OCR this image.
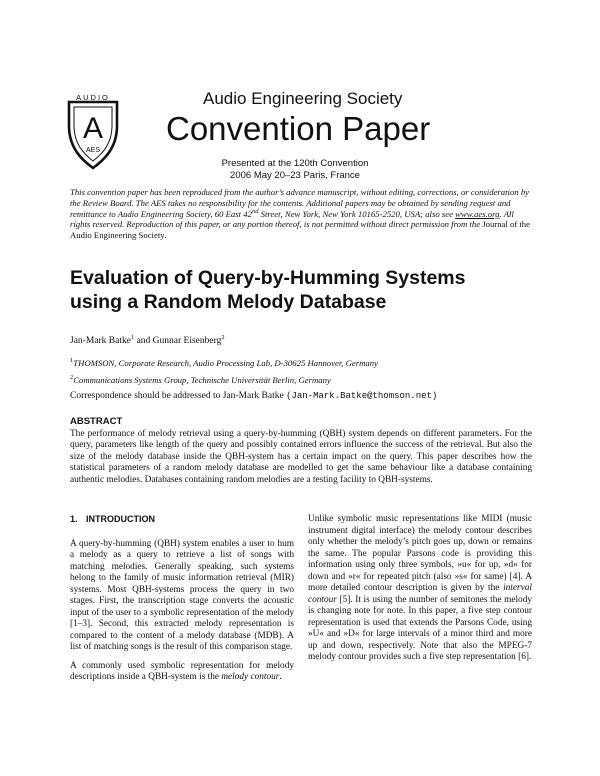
AUDIO
A
AES
Audio Engineering Society
Convention Paper
Presented at the 120th Convention
2006 May 20–23 Paris, France
This convention paper has been reproduced from the author’s advance manuscript, without editing, corrections, or consideration by the Review Board. The AES takes no responsibility for the contents. Additional papers may be obtained by sending request and remittance to Audio Engineering Society, 60 East 42nd Street, New York, New York 10165-2520, USA; also see www.aes.org. All rights reserved. Reproduction of this paper, or any portion thereof, is not permitted without direct permission from the Journal of the Audio Engineering Society.
Evaluation of Query-by-Humming Systems
using a Random Melody Database
Jan-Mark Batke$^1$ and Gunnar Eisenberg$^2$
$^1$THOMSON, Corporate Research, Audio Processing Lab, D-30625 Hannover, Germany
$^2$Communications Systems Group, Technische Universität Berlin, Germany
Correspondence should be addressed to Jan-Mark Batke (Jan-Mark.Batke@thomson.net)
ABSTRACT
The performance of melody retrieval using a query-by-humming (QBH) system depends on different parameters. For the query, parameters like length of the query and possibly contained errors influence the success of the retrieval. But also the size of the melody database inside the QBH-system has a certain impact on the query. This paper describes how the statistical parameters of a random melody database are modelled to get the same behaviour like a database containing authentic melodies. Databases containing random melodies are a testing facility to QBH-systems.
1. INTRODUCTION

A query-by-humming (QBH) system enables a user to hum a melody as a query to retrieve a list of songs with matching melodies. Generally speaking, such systems belong to the family of music information retrieval (MIR) systems. Most QBH-systems process the query in two stages. First, the transcription stage converts the acoustic input of the user to a symbolic representation of the melody [1–3]. Second, this extracted melody representation is compared to the content of a melody database (MDB). A list of matching songs is the result of this comparison stage.

A commonly used symbolic representation for melody descriptions inside a QBH-system is the melody contour.

Unlike symbolic music representations like MIDI (music instrument digital interface) the melody contour describes only whether the melody’s pitch goes up, down or remains the same. The popular Parsons code is providing this information using only three symbols, »u« for up, »d« for down and »r« for repeated pitch (also »s« for same) [4]. A more detailed contour description is given by the interval contour [5]. It is using the number of semitones the melody is changing note for note. In this paper, a five step contour representation is used that extends the Parsons Code, using »U« and »D« for large intervals of a minor third and more up and down, respectively. Note that also the MPEG-7 melody contour provides such a five step representation [6].
